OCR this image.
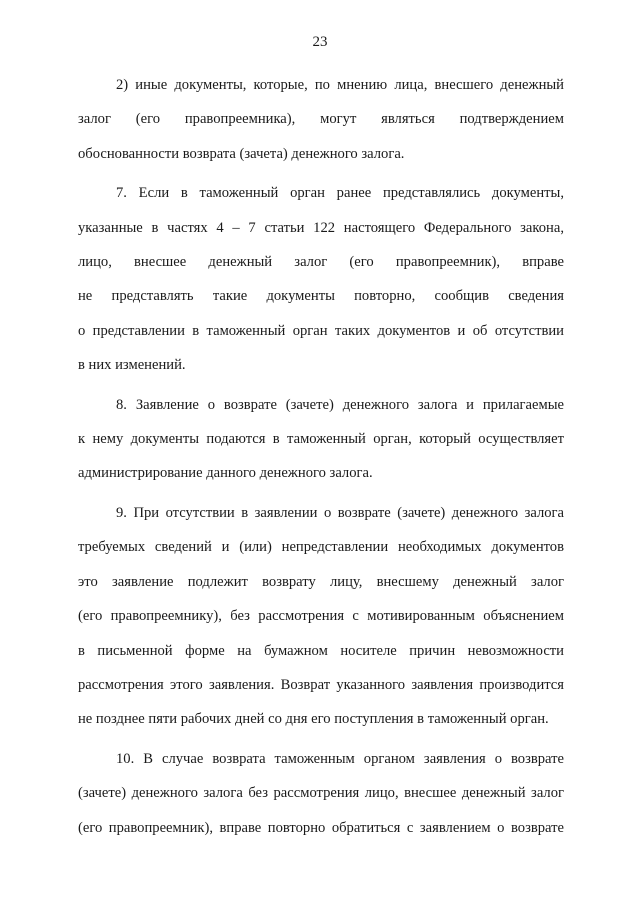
23
2) иные документы, которые, по мнению лица, внесшего денежный
залог (его правопреемника), могут являться подтверждением
обоснованности возврата (зачета) денежного залога.
7. Если в таможенный орган ранее представлялись документы,
указанные в частях 4 – 7 статьи 122 настоящего Федерального закона,
лицо, внесшее денежный залог (его правопреемник), вправе
не представлять такие документы повторно, сообщив сведения
о представлении в таможенный орган таких документов и об отсутствии
в них изменений.
8. Заявление о возврате (зачете) денежного залога и прилагаемые
к нему документы подаются в таможенный орган, который осуществляет
администрирование данного денежного залога.
9. При отсутствии в заявлении о возврате (зачете) денежного залога
требуемых сведений и (или) непредставлении необходимых документов
это заявление подлежит возврату лицу, внесшему денежный залог
(его правопреемнику), без рассмотрения с мотивированным объяснением
в письменной форме на бумажном носителе причин невозможности
рассмотрения этого заявления. Возврат указанного заявления производится
не позднее пяти рабочих дней со дня его поступления в таможенный орган.
10. В случае возврата таможенным органом заявления о возврате
(зачете) денежного залога без рассмотрения лицо, внесшее денежный залог
(его правопреемник), вправе повторно обратиться с заявлением о возврате
